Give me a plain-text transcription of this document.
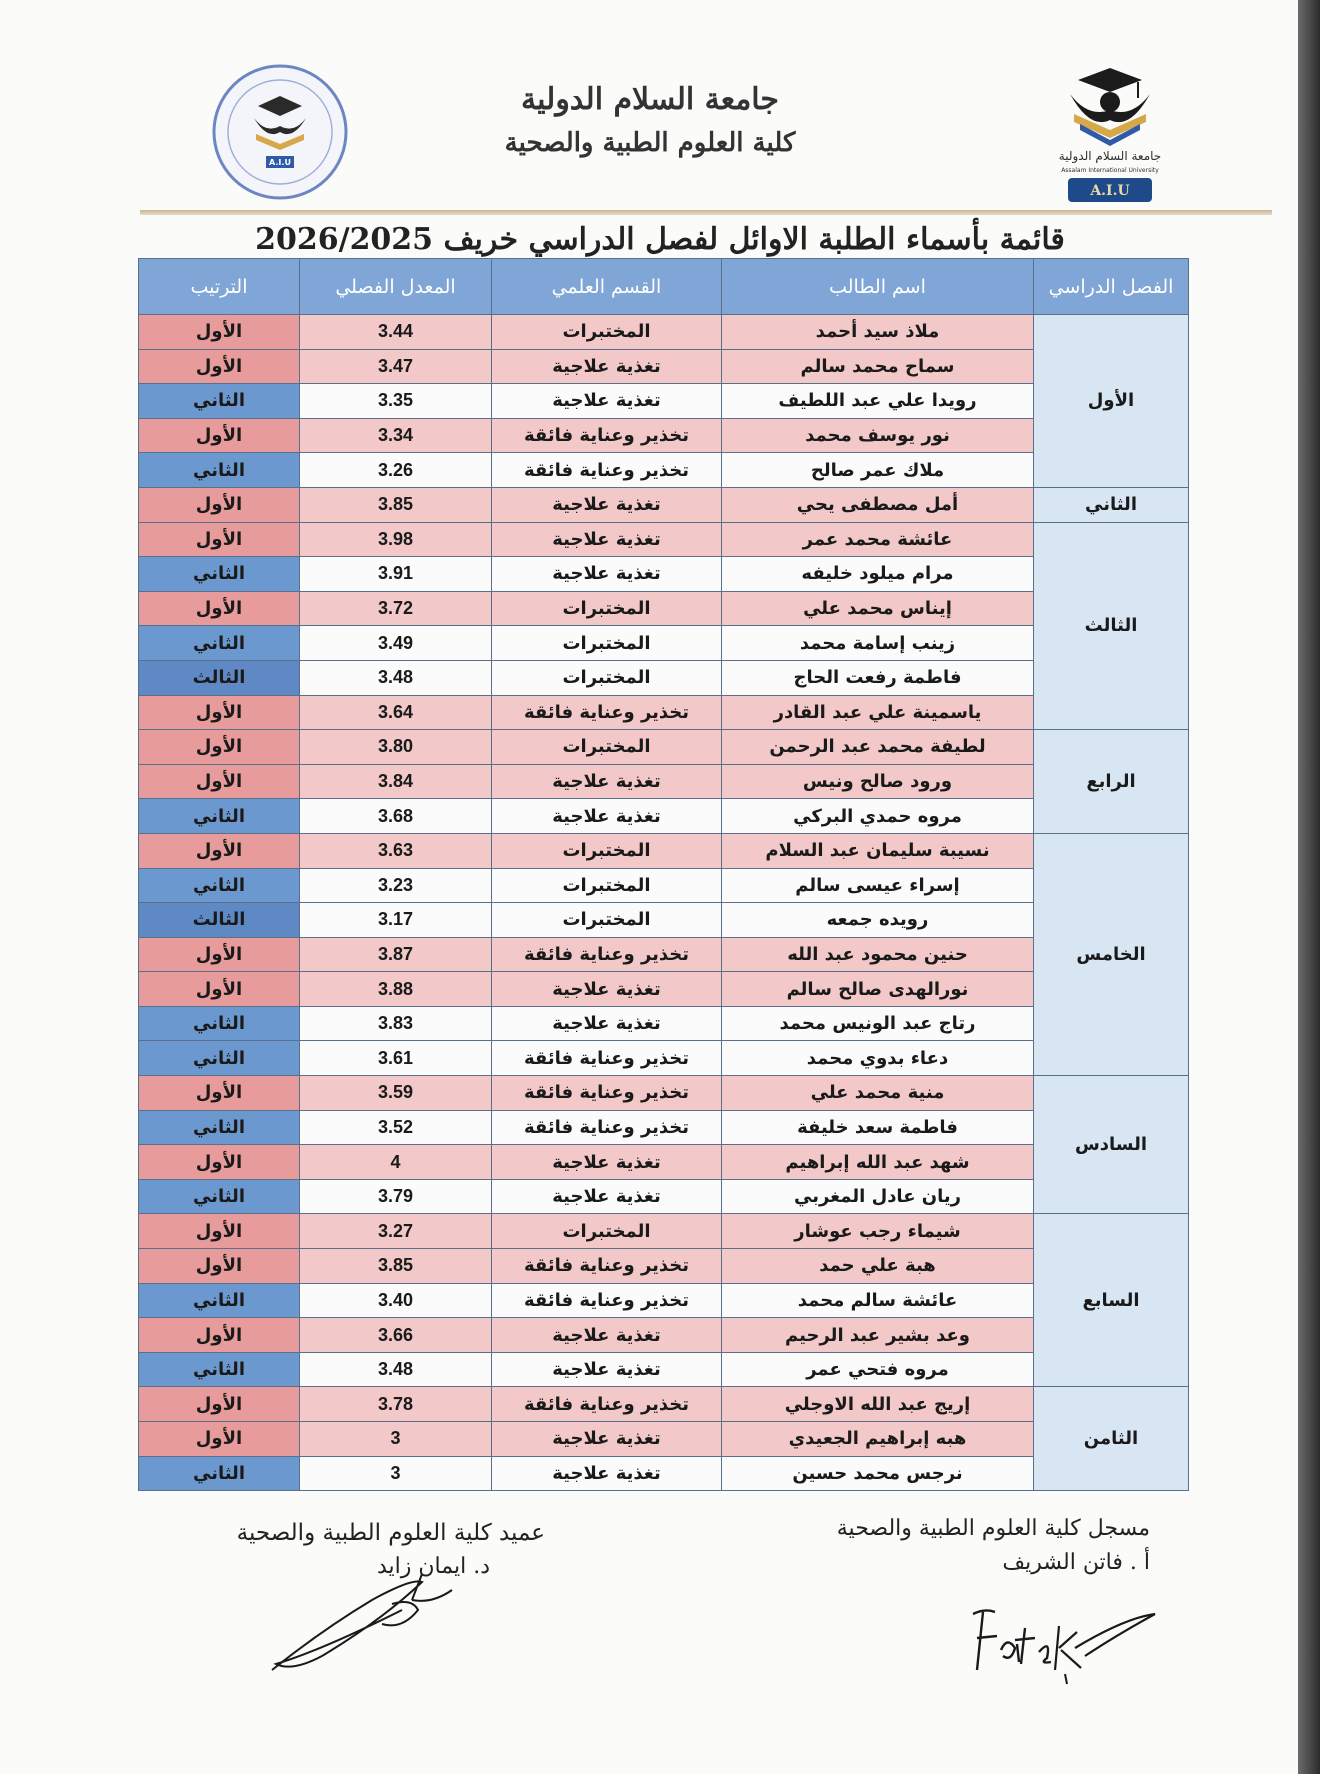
جامعة السلام الدولية
Assalam International University
A.I.U
جامعة السلام الدولية
كلية العلوم الطبية والصحية
A.I.U
قائمة بأسماء الطلبة الاوائل لفصل الدراسي خريف 2026/2025
الفصل الدراسي	اسم الطالب	القسم العلمي	المعدل الفصلي	الترتيب
الأول	ملاذ سيد أحمد	المختبرات	3.44	الأول
	سماح محمد سالم	تغذية علاجية	3.47	الأول
	رويدا علي عبد اللطيف	تغذية علاجية	3.35	الثاني
	نور يوسف محمد	تخذير وعناية فائقة	3.34	الأول
	ملاك عمر صالح	تخذير وعناية فائقة	3.26	الثاني
الثاني	أمل مصطفى يحي	تغذية علاجية	3.85	الأول
الثالث	عائشة محمد عمر	تغذية علاجية	3.98	الأول
	مرام ميلود خليفه	تغذية علاجية	3.91	الثاني
	إيناس محمد علي	المختبرات	3.72	الأول
	زينب إسامة محمد	المختبرات	3.49	الثاني
	فاطمة رفعت الحاج	المختبرات	3.48	الثالث
	ياسمينة علي عبد القادر	تخذير وعناية فائقة	3.64	الأول
الرابع	لطيفة محمد عبد الرحمن	المختبرات	3.80	الأول
	ورود صالح ونيس	تغذية علاجية	3.84	الأول
	مروه حمدي البركي	تغذية علاجية	3.68	الثاني
الخامس	نسيبة سليمان عبد السلام	المختبرات	3.63	الأول
	إسراء عيسى سالم	المختبرات	3.23	الثاني
	رويده جمعه	المختبرات	3.17	الثالث
	حنين محمود عبد الله	تخذير وعناية فائقة	3.87	الأول
	نورالهدى صالح سالم	تغذية علاجية	3.88	الأول
	رتاج عبد الونيس محمد	تغذية علاجية	3.83	الثاني
	دعاء بدوي محمد	تخذير وعناية فائقة	3.61	الثاني
السادس	منية محمد علي	تخذير وعناية فائقة	3.59	الأول
	فاطمة سعد خليفة	تخذير وعناية فائقة	3.52	الثاني
	شهد عبد الله إبراهيم	تغذية علاجية	4	الأول
	ريان عادل المغربي	تغذية علاجية	3.79	الثاني
السابع	شيماء رجب عوشار	المختبرات	3.27	الأول
	هبة علي حمد	تخذير وعناية فائقة	3.85	الأول
	عائشة سالم محمد	تخذير وعناية فائقة	3.40	الثاني
	وعد بشير عبد الرحيم	تغذية علاجية	3.66	الأول
	مروه فتحي عمر	تغذية علاجية	3.48	الثاني
الثامن	إريج عبد الله الاوجلي	تخذير وعناية فائقة	3.78	الأول
	هبه إبراهيم الجعيدي	تغذية علاجية	3	الأول
	نرجس محمد حسين	تغذية علاجية	3	الثاني
مسجل كلية العلوم الطبية والصحية
أ . فاتن الشريف
عميد كلية العلوم الطبية والصحية
د. ايمان زايد
